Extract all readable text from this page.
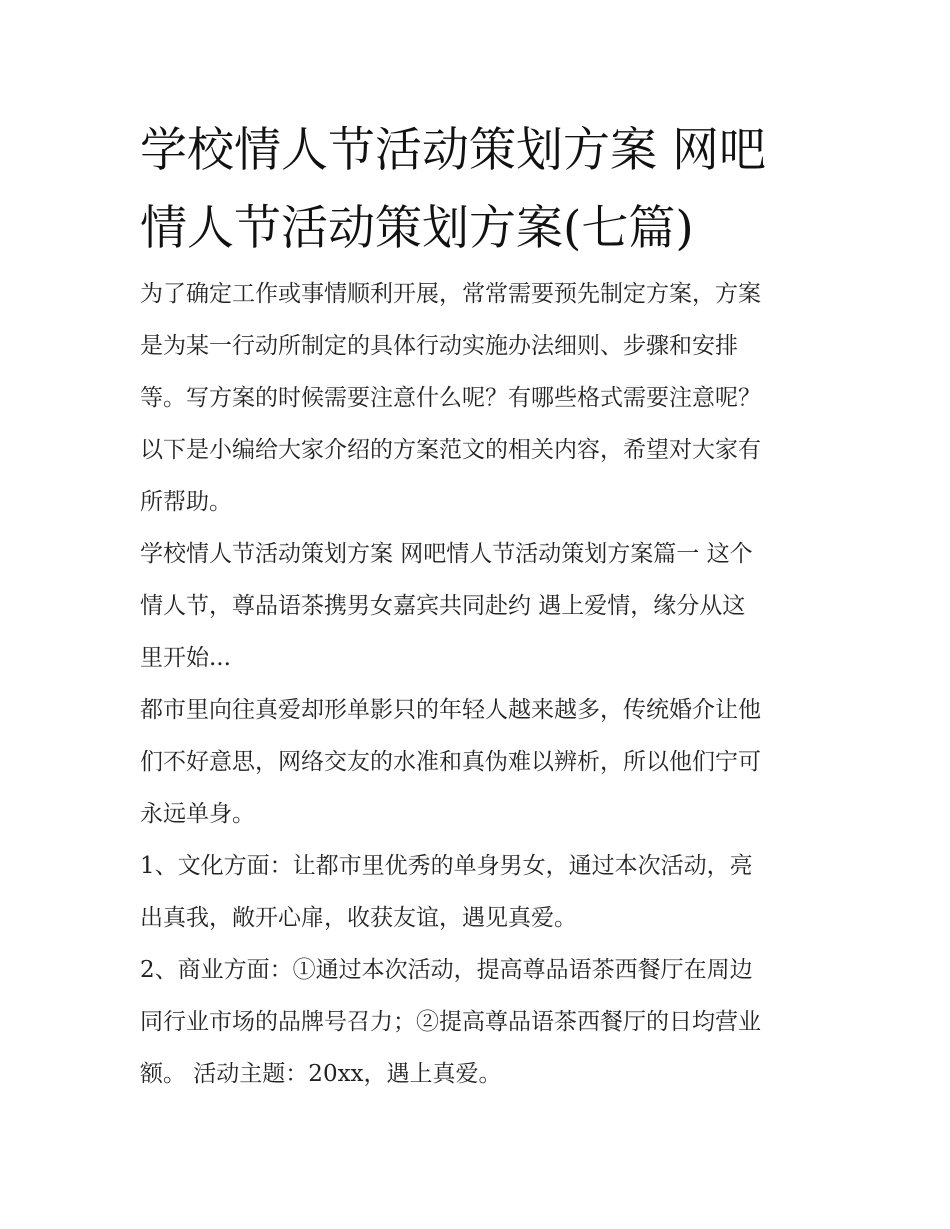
学校情人节活动策划方案 网吧
情人节活动策划方案(七篇)

为了确定工作或事情顺利开展，常常需要预先制定方案，方案
是为某一行动所制定的具体行动实施办法细则、步骤和安排
等。写方案的时候需要注意什么呢？有哪些格式需要注意呢？
以下是小编给大家介绍的方案范文的相关内容，希望对大家有
所帮助。

学校情人节活动策划方案 网吧情人节活动策划方案篇一 这个
情人节，尊品语茶携男女嘉宾共同赴约 遇上爱情，缘分从这
里开始...

都市里向往真爱却形单影只的年轻人越来越多，传统婚介让他
们不好意思，网络交友的水准和真伪难以辨析，所以他们宁可
永远单身。

1、文化方面：让都市里优秀的单身男女，通过本次活动，亮
出真我，敞开心扉，收获友谊，遇见真爱。

2、商业方面：①通过本次活动，提高尊品语茶西餐厅在周边
同行业市场的品牌号召力；②提高尊品语茶西餐厅的日均营业
额。 活动主题：20xx，遇上真爱。
